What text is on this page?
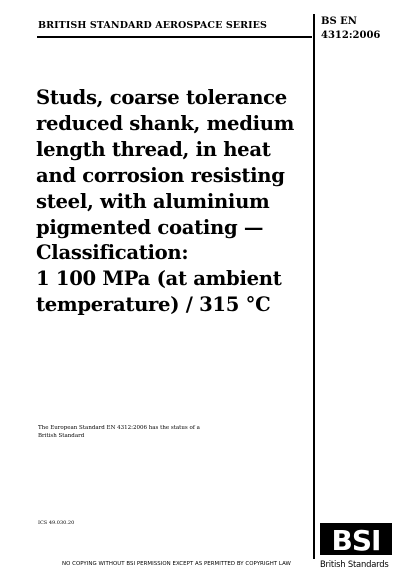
BRITISH STANDARD AEROSPACE SERIES	BS EN
4312:2006
Studs, coarse tolerance
reduced shank, medium
length thread, in heat
and corrosion resisting
steel, with aluminium
pigmented coating —
Classification:
1 100 MPa (at ambient
temperature) / 315 °C
The European Standard EN 4312:2006 has the status of a
British Standard
ICS 49.030.20
BSI
British Standards
NO COPYING WITHOUT BSI PERMISSION EXCEPT AS PERMITTED BY COPYRIGHT LAW
